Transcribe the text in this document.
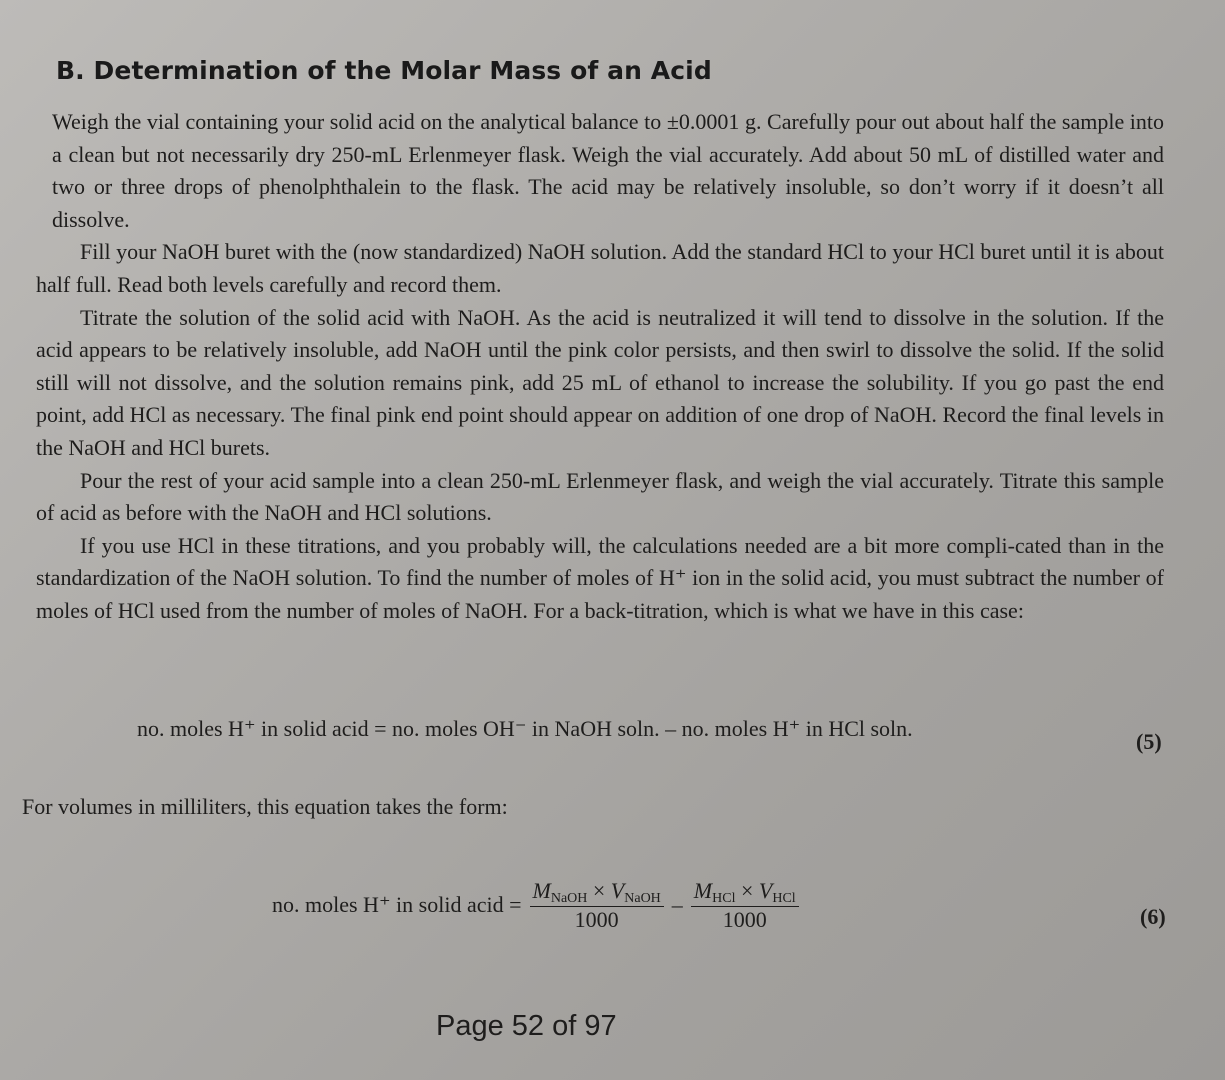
B. Determination of the Molar Mass of an Acid

Weigh the vial containing your solid acid on the analytical balance to ±0.0001 g. Carefully pour out about half the sample into a clean but not necessarily dry 250-mL Erlenmeyer flask. Weigh the vial accurately. Add about 50 mL of distilled water and two or three drops of phenolphthalein to the flask. The acid may be relatively insoluble, so don’t worry if it doesn’t all dissolve.

Fill your NaOH buret with the (now standardized) NaOH solution. Add the standard HCl to your HCl buret until it is about half full. Read both levels carefully and record them.

Titrate the solution of the solid acid with NaOH. As the acid is neutralized it will tend to dissolve in the solution. If the acid appears to be relatively insoluble, add NaOH until the pink color persists, and then swirl to dissolve the solid. If the solid still will not dissolve, and the solution remains pink, add 25 mL of ethanol to increase the solubility. If you go past the end point, add HCl as necessary. The final pink end point should appear on addition of one drop of NaOH. Record the final levels in the NaOH and HCl burets.

Pour the rest of your acid sample into a clean 250-mL Erlenmeyer flask, and weigh the vial accurately. Titrate this sample of acid as before with the NaOH and HCl solutions.

If you use HCl in these titrations, and you probably will, the calculations needed are a bit more compli-cated than in the standardization of the NaOH solution. To find the number of moles of H⁺ ion in the solid acid, you must subtract the number of moles of HCl used from the number of moles of NaOH. For a back-titration, which is what we have in this case:

no. moles H⁺ in solid acid = no. moles OH⁻ in NaOH soln. – no. moles H⁺ in HCl soln.
(5)
For volumes in milliliters, this equation takes the form:
no. moles H⁺ in solid acid = $\frac{M_{NaOH} \times V_{NaOH}}{1000} - \frac{M_{HCl} \times V_{HCl}}{1000}$	(6)
Page 52 of 97
